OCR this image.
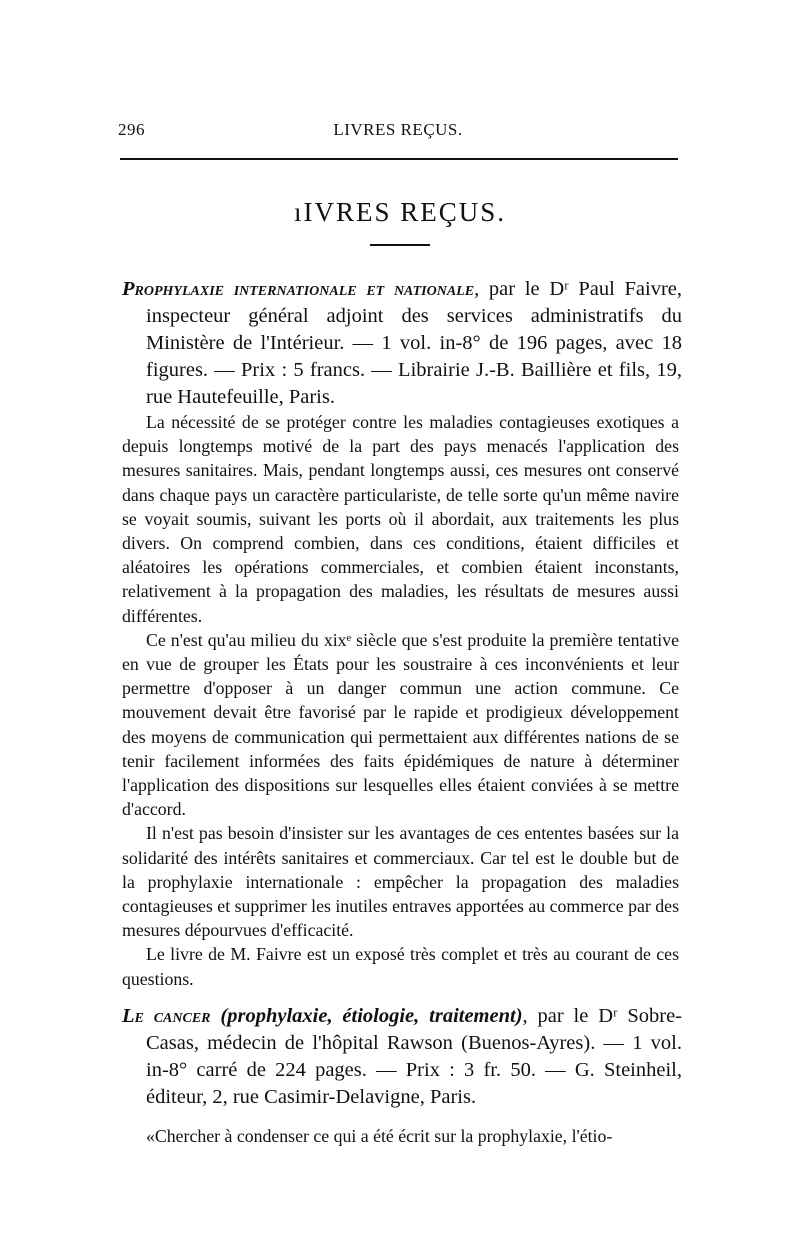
296	LIVRES REÇUS.
ıIVRES REÇUS.
Prophylaxie internationale et nationale, par le Dʳ Paul Faivre, inspecteur général adjoint des services administratifs du Ministère de l'Intérieur. — 1 vol. in-8° de 196 pages, avec 18 figures. — Prix : 5 francs. — Librairie J.-B. Baillière et fils, 19, rue Hautefeuille, Paris.

La nécessité de se protéger contre les maladies contagieuses exotiques a depuis longtemps motivé de la part des pays menacés l'application des mesures sanitaires. Mais, pendant longtemps aussi, ces mesures ont conservé dans chaque pays un caractère particulariste, de telle sorte qu'un même navire se voyait soumis, suivant les ports où il abordait, aux traitements les plus divers. On comprend combien, dans ces conditions, étaient difficiles et aléatoires les opérations commerciales, et combien étaient inconstants, relativement à la propagation des maladies, les résultats de mesures aussi différentes.

Ce n'est qu'au milieu du xixᵉ siècle que s'est produite la première tentative en vue de grouper les États pour les soustraire à ces inconvénients et leur permettre d'opposer à un danger commun une action commune. Ce mouvement devait être favorisé par le rapide et prodigieux développement des moyens de communication qui permettaient aux différentes nations de se tenir facilement informées des faits épidémiques de nature à déterminer l'application des dispositions sur lesquelles elles étaient conviées à se mettre d'accord.

Il n'est pas besoin d'insister sur les avantages de ces ententes basées sur la solidarité des intérêts sanitaires et commerciaux. Car tel est le double but de la prophylaxie internationale : empêcher la propagation des maladies contagieuses et supprimer les inutiles entraves apportées au commerce par des mesures dépourvues d'efficacité.

Le livre de M. Faivre est un exposé très complet et très au courant de ces questions.

Le cancer (prophylaxie, étiologie, traitement), par le Dʳ Sobre-Casas, médecin de l'hôpital Rawson (Buenos-Ayres). — 1 vol. in-8° carré de 224 pages. — Prix : 3 fr. 50. — G. Steinheil, éditeur, 2, rue Casimir-Delavigne, Paris.

«Chercher à condenser ce qui a été écrit sur la prophylaxie, l'étio-
